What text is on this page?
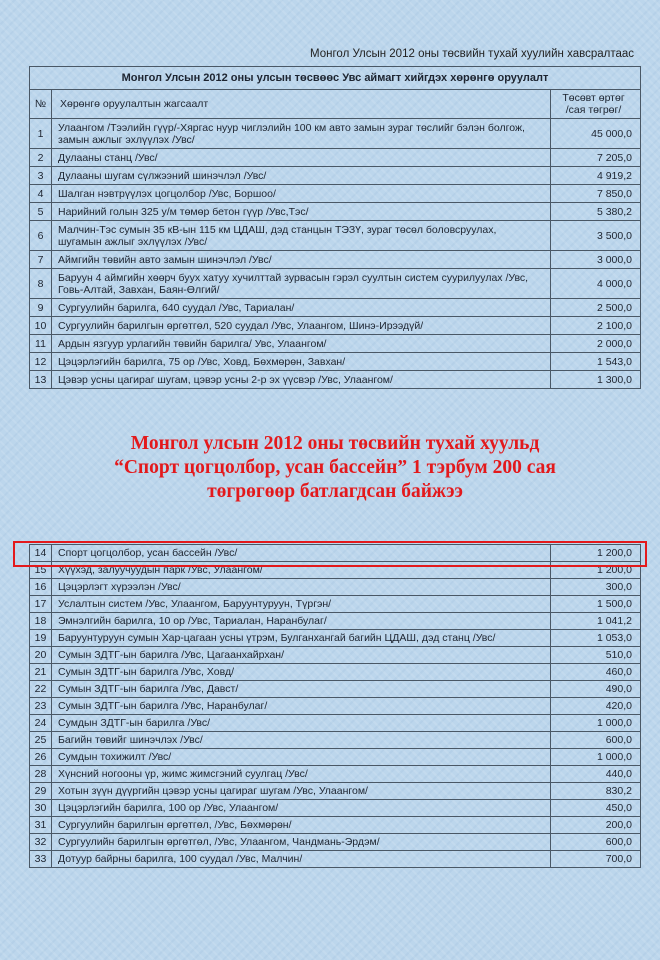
Монгол Улсын 2012 оны төсвийн тухай хуулийн хавсралтаас
Монгол Улсын 2012 оны улсын төсвөөс Увс аймагт хийгдэх хөрөнгө оруулалт		
№	Хөрөнгө оруулалтын жагсаалт	Төсөвт өртөг
/сая төгрөг/

1	Улаангом /Тээлийн гүүр/-Хяргас нуур чиглэлийн 100 км авто замын зураг төслийг бэлэн болгож,
замын ажлыг эхлүүлэх /Увс/	45 000,0
2	Дулааны станц /Увс/	7 205,0
3	Дулааны шугам сүлжээний шинэчлэл /Увс/	4 919,2
4	Шалган нэвтрүүлэх цогцолбор /Увс, Боршоо/	7 850,0
5	Нарийний голын 325 у/м төмөр бетон гүүр /Увс,Тэс/	5 380,2
6	Малчин-Тэс сумын 35 кВ-ын 115 км ЦДАШ, дэд станцын ТЭЗҮ, зураг төсөл боловсруулах,
шугамын ажлыг эхлүүлэх /Увс/	3 500,0
7	Аймгийн төвийн авто замын шинэчлэл /Увс/	3 000,0
8	Баруун 4 аймгийн хөөрч буух хатуу хучилттай зурвасын гэрэл суултын систем суурилуулах /Увс,
Говь-Алтай, Завхан, Баян-Өлгий/	4 000,0
9	Сургуулийн барилга, 640 суудал /Увс, Тариалан/	2 500,0
10	Сургуулийн барилгын өргөтгөл, 520 суудал /Увс, Улаангом, Шинэ-Ирээдүй/	2 100,0
11	Ардын язгуур урлагийн төвийн барилга/ Увс, Улаангом/	2 000,0
12	Цэцэрлэгийн барилга, 75 ор /Увс, Ховд, Бөхмөрөн, Завхан/	1 543,0
13	Цэвэр усны цагираг шугам, цэвэр усны 2-р эх үүсвэр /Увс, Улаангом/	1 300,0
Монгол улсын 2012 оны төсвийн тухай хуульд
“Спорт цогцолбор, усан бассейн” 1 тэрбум 200 сая
төгрөгөөр батлагдсан байжээ
14	Спорт цогцолбор, усан бассейн /Увс/	1 200,0
15	Хүүхэд, залуучуудын парк /Увс, Улаангом/	1 200,0
16	Цэцэрлэгт хүрээлэн /Увс/	300,0
17	Услалтын систем /Увс, Улаангом, Баруунтуруун, Түргэн/	1 500,0
18	Эмнэлгийн барилга, 10 ор /Увс, Тариалан, Наранбулаг/	1 041,2
19	Баруунтуруун сумын Хар-цагаан усны үтрэм, Булганхангай багийн ЦДАШ, дэд станц /Увс/	1 053,0
20	Сумын ЗДТГ-ын барилга /Увс, Цагаанхайрхан/	510,0
21	Сумын ЗДТГ-ын барилга /Увс, Ховд/	460,0
22	Сумын ЗДТГ-ын барилга /Увс, Давст/	490,0
23	Сумын ЗДТГ-ын барилга /Увс, Наранбулаг/	420,0
24	Сумдын ЗДТГ-ын барилга /Увс/	1 000,0
25	Багийн төвийг шинэчлэх /Увс/	600,0
26	Сумдын тохижилт /Увс/	1 000,0
28	Хүнсний ногооны үр, жимс жимсгэний суулгац /Увс/	440,0
29	Хотын зүүн дүүргийн цэвэр усны цагираг шугам /Увс, Улаангом/	830,2
30	Цэцэрлэгийн барилга, 100 ор /Увс, Улаангом/	450,0
31	Сургуулийн барилгын өргөтгөл, /Увс, Бөхмөрөн/	200,0
32	Сургуулийн барилгын өргөтгөл, /Увс, Улаангом, Чандмань-Эрдэм/	600,0
33	Дотуур байрны барилга, 100 суудал /Увс, Малчин/	700,0
